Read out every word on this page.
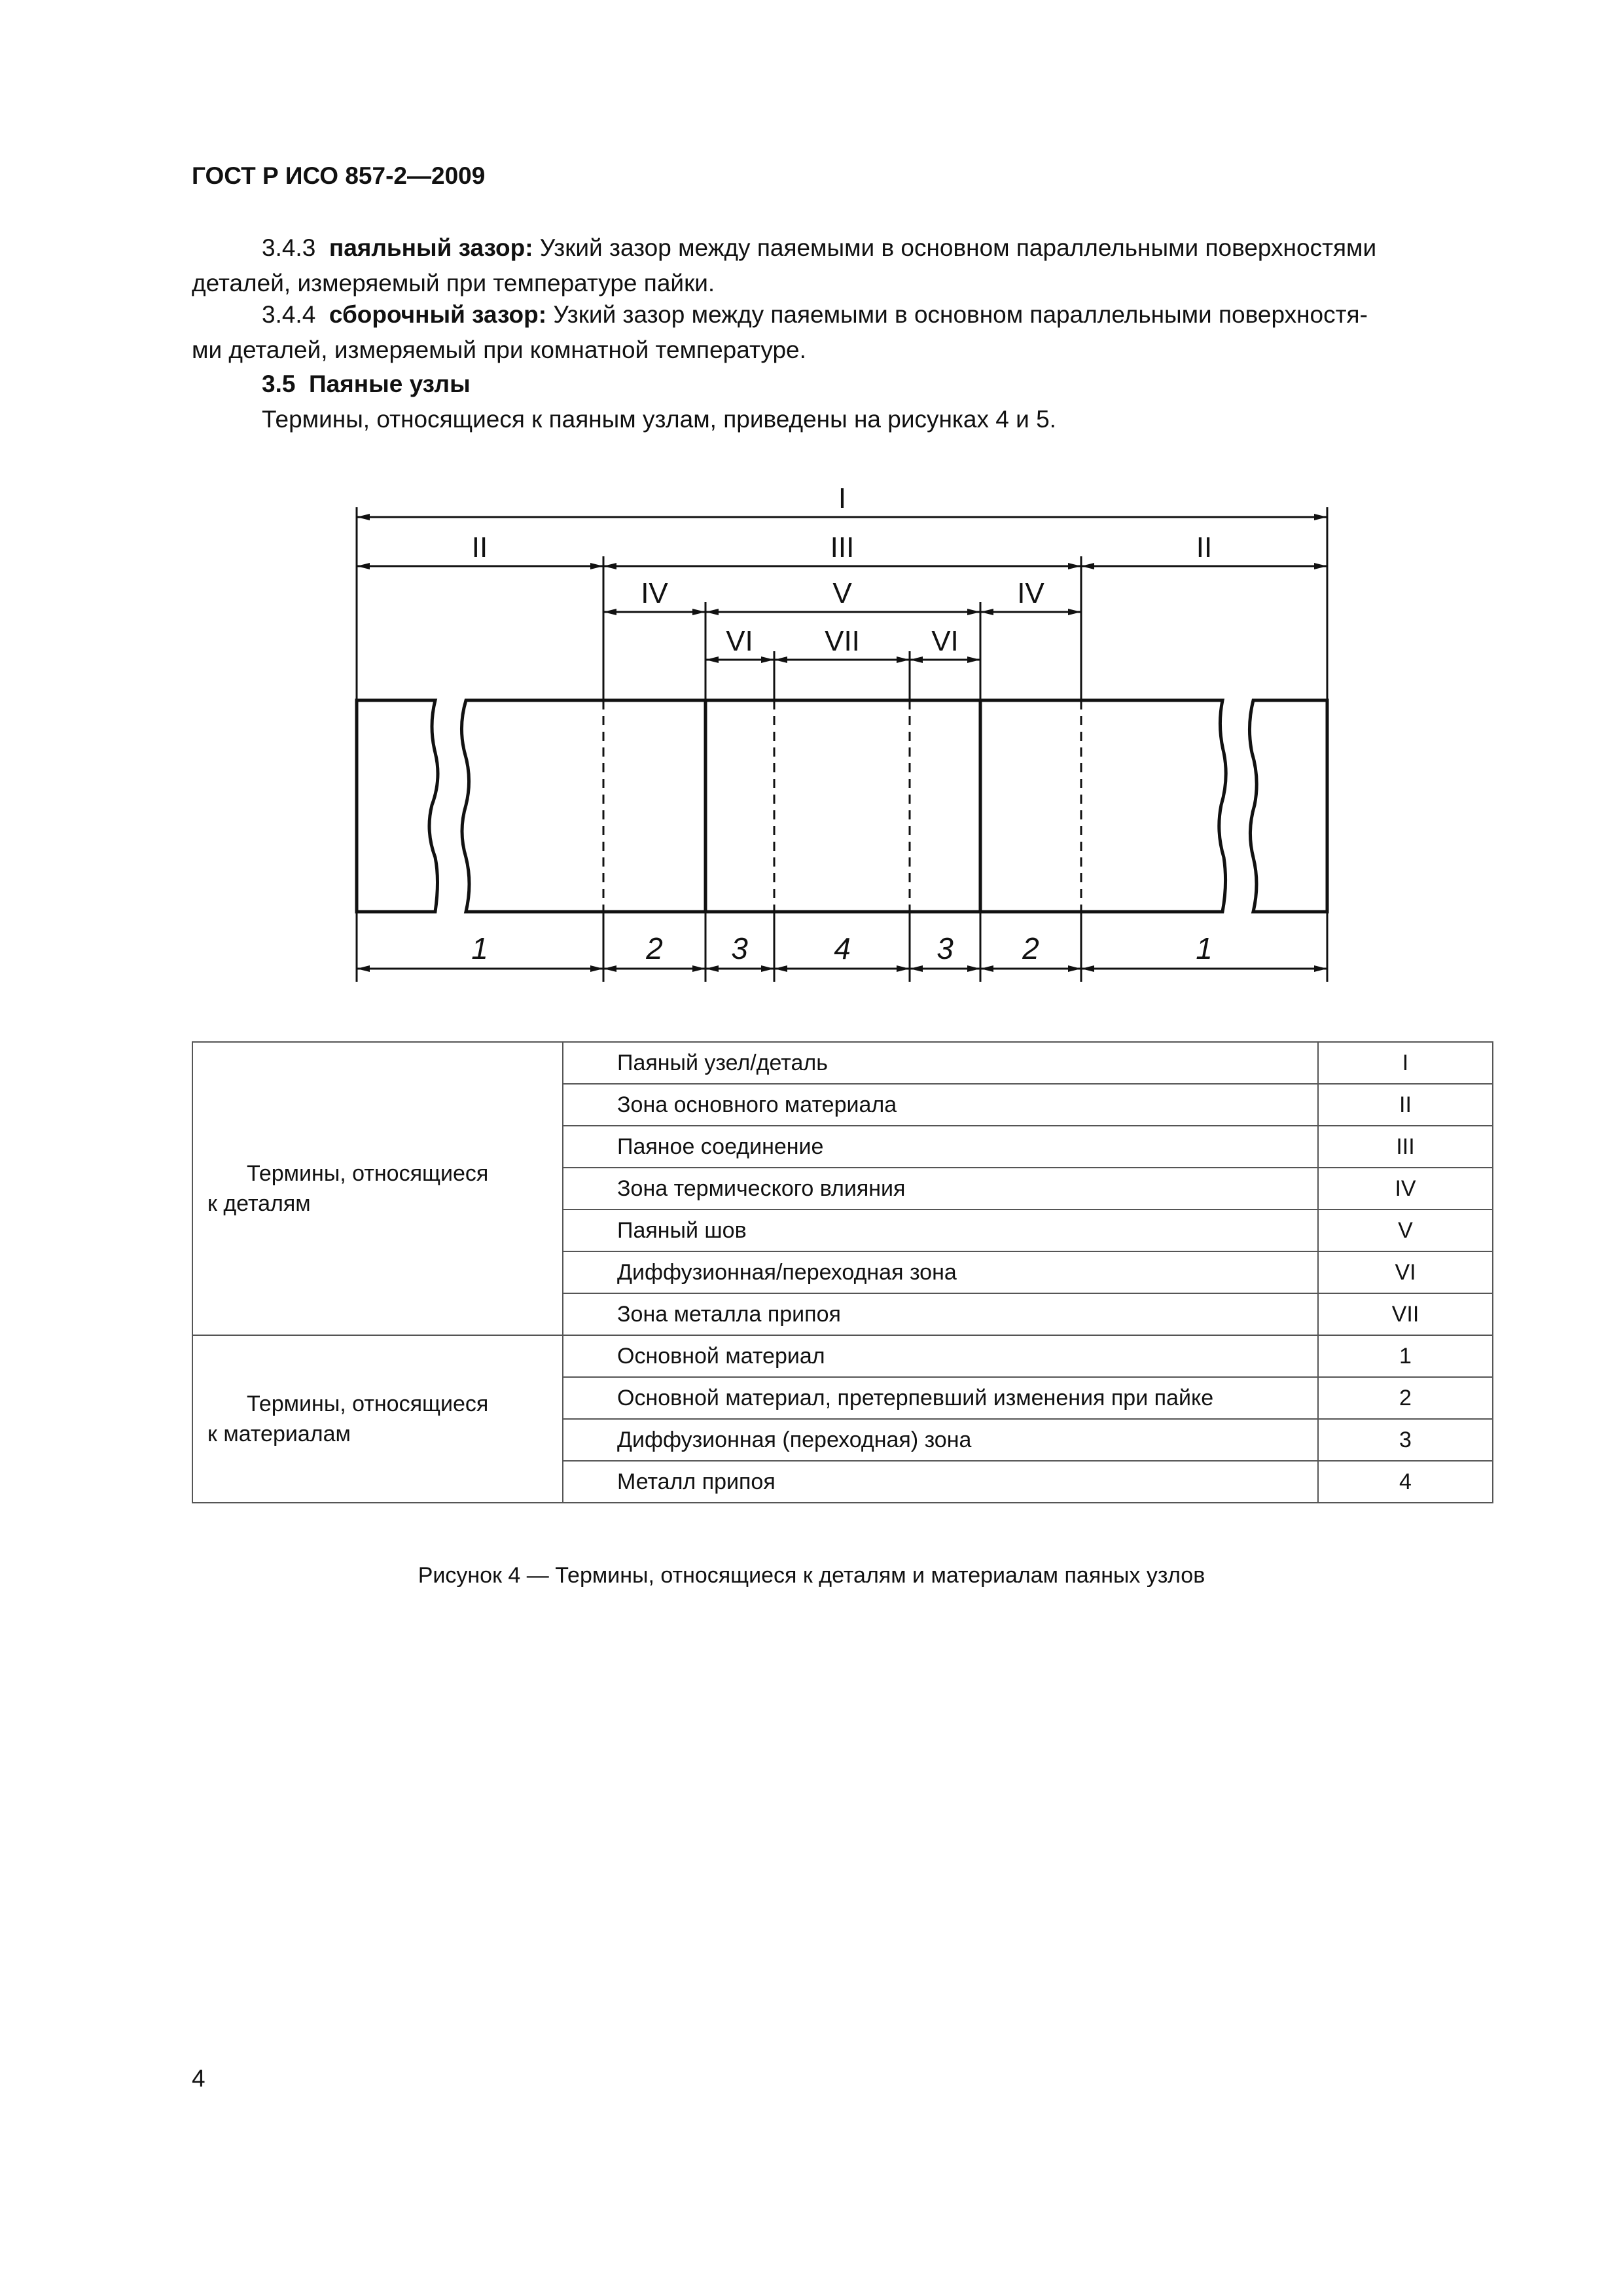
ГОСТ Р ИСО 857-2—2009
3.4.3 паяльный зазор: Узкий зазор между паяемыми в основном параллельными поверхностями
деталей, измеряемый при температуре пайки.
3.4.4 сборочный зазор: Узкий зазор между паяемыми в основном параллельными поверхностя-
ми деталей, измеряемый при комнатной температуре.
3.5 Паяные узлы
Термины, относящиеся к паяным узлам, приведены на рисунках 4 и 5.
I
II	III	II
IV	V	IV
VI VII VI
1	2 3	4	3 2	1
Термины, относящиеся
к деталям	Паяный узел/деталь	I
	Зона основного материала	II
	Паяное соединение	III
	Зона термического влияния	IV
	Паяный шов	V
	Диффузионная/переходная зона	VI
	Зона металла припоя	VII

Термины, относящиеся
к материалам	Основной материал	1
	Основной материал, претерпевший изменения при пайке	2
	Диффузионная (переходная) зона	3
	Металл припоя	4
Рисунок 4 — Термины, относящиеся к деталям и материалам паяных узлов
4
